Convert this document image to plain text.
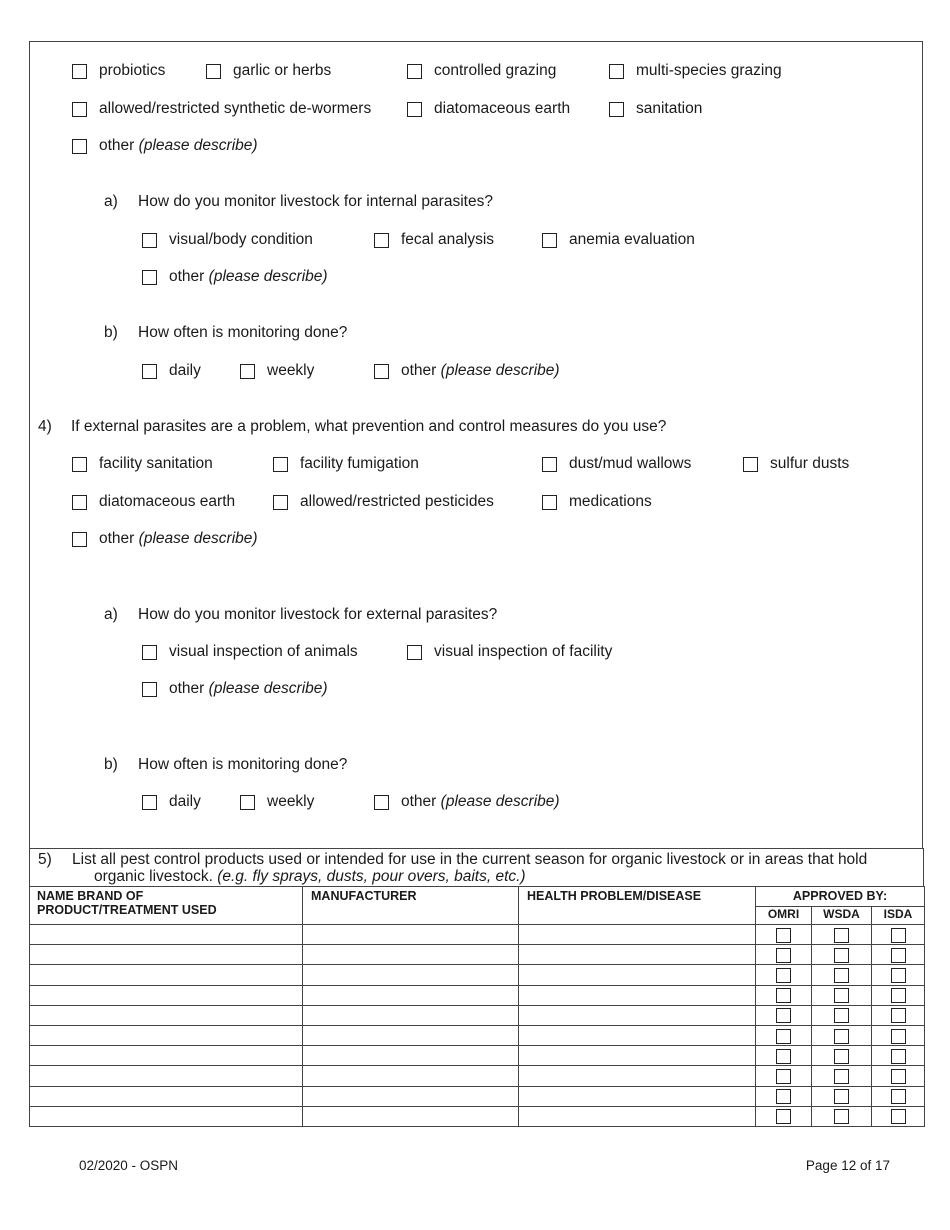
probiotics	garlic or herbs	controlled grazing	multi-species grazing
allowed/restricted synthetic de-wormers	diatomaceous earth	sanitation
other
(please describe)
a) How do you monitor livestock for internal parasites?
visual/body condition	fecal analysis	anemia evaluation
other
(please describe)
b) How often is monitoring done?
daily	weekly	other
(please describe)
4) If external parasites are a problem, what prevention and control measures do you use?
facility sanitation	facility fumigation	dust/mud wallows	sulfur dusts
diatomaceous earth	allowed/restricted pesticides	medications
other
(please describe)
a) How do you monitor livestock for external parasites?
visual inspection of animals	visual inspection of facility
other
(please describe)
b) How often is monitoring done?
daily	weekly	other
(please describe)
5) List all pest control products used or intended for use in the current season for organic livestock or in areas that hold
organic livestock. (e.g. fly sprays, dusts, pour overs, baits, etc.)
NAME BRAND OF
PRODUCT/TREATMENT USED	MANUFACTURER	HEALTH PROBLEM/DISEASE	APPROVED BY:		
			OMRI	WSDA	ISDA

02/2020 - OSPN	Page 12 of 17
